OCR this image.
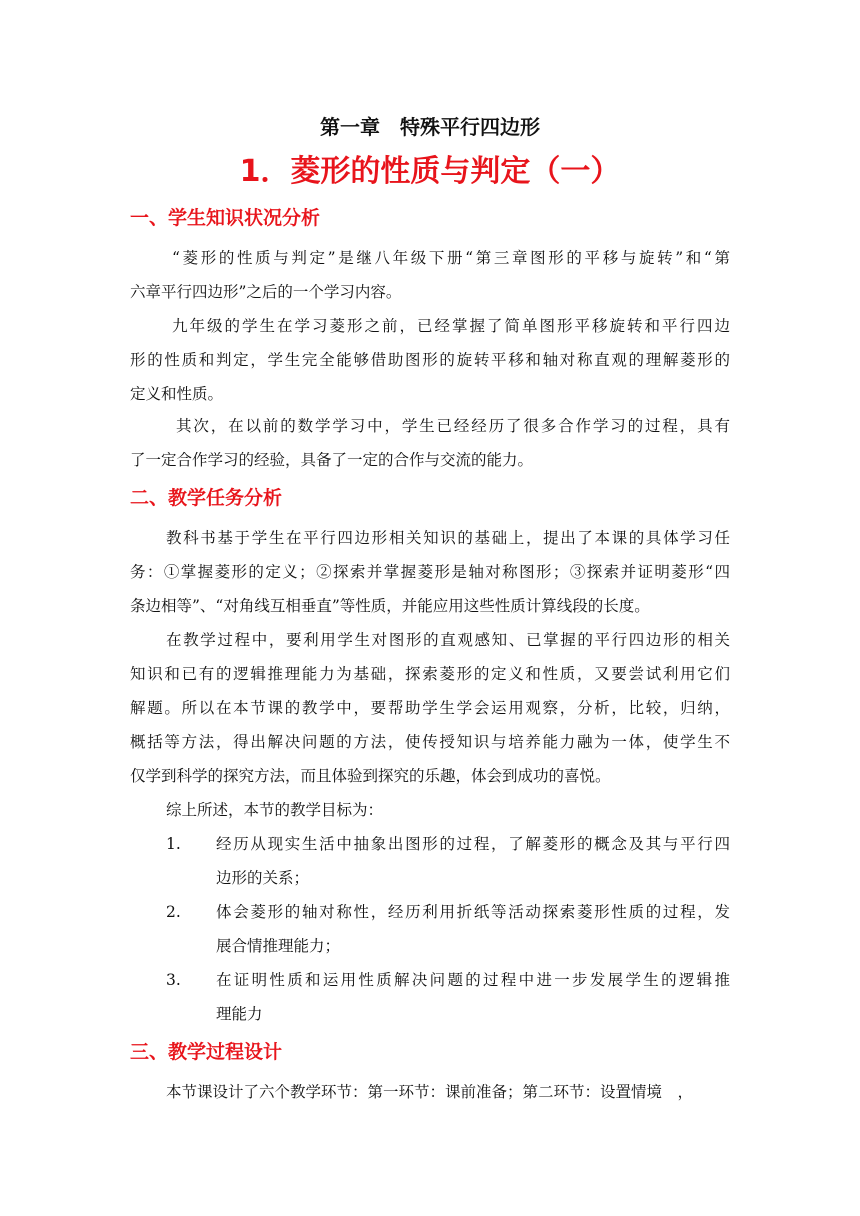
第一章　特殊平行四边形
1．菱形的性质与判定（一）
一、学生知识状况分析
“菱形的性质与判定”是继八年级下册“第三章图形的平移与旋转”和“第
六章平行四边形”之后的一个学习内容。
九年级的学生在学习菱形之前，已经掌握了简单图形平移旋转和平行四边
形的性质和判定，学生完全能够借助图形的旋转平移和轴对称直观的理解菱形的
定义和性质。
其次，在以前的数学学习中，学生已经经历了很多合作学习的过程，具有
了一定合作学习的经验，具备了一定的合作与交流的能力。
二、教学任务分析
教科书基于学生在平行四边形相关知识的基础上，提出了本课的具体学习任
务：①掌握菱形的定义；②探索并掌握菱形是轴对称图形；③探索并证明菱形“四
条边相等”、“对角线互相垂直”等性质，并能应用这些性质计算线段的长度。
在教学过程中，要利用学生对图形的直观感知、已掌握的平行四边形的相关
知识和已有的逻辑推理能力为基础，探索菱形的定义和性质，又要尝试利用它们
解题。所以在本节课的教学中，要帮助学生学会运用观察，分析，比较，归纳，
概括等方法，得出解决问题的方法，使传授知识与培养能力融为一体，使学生不
仅学到科学的探究方法，而且体验到探究的乐趣，体会到成功的喜悦。
综上所述，本节的教学目标为：
1.	经历从现实生活中抽象出图形的过程，了解菱形的概念及其与平行四
边形的关系；
2.	体会菱形的轴对称性，经历利用折纸等活动探索菱形性质的过程，发
展合情推理能力；
3.	在证明性质和运用性质解决问题的过程中进一步发展学生的逻辑推
理能力
三、教学过程设计
本节课设计了六个教学环节：第一环节：课前准备；第二环节：设置情境　，
